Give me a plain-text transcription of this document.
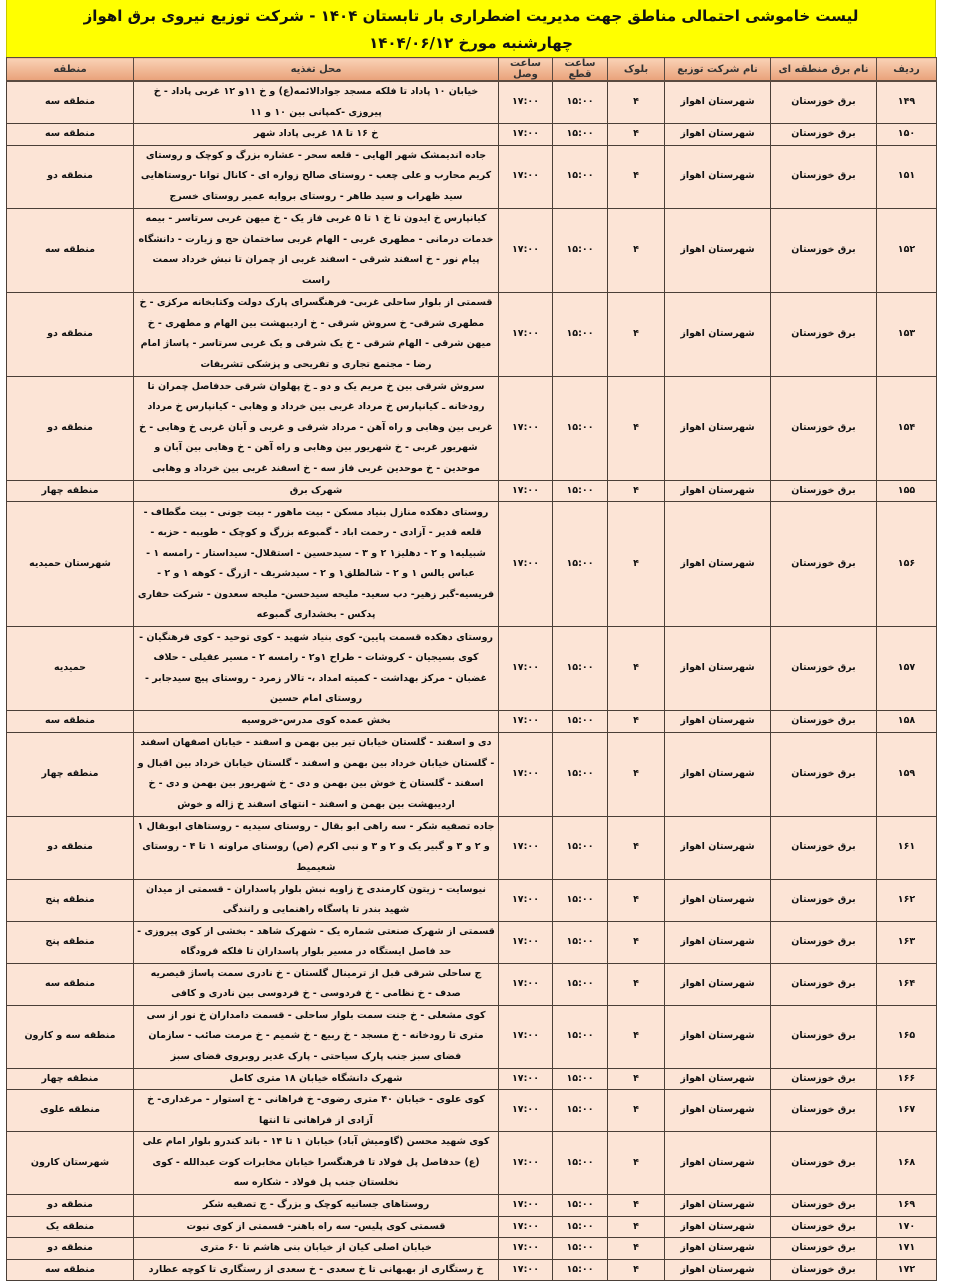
لیست خاموشی احتمالی مناطق جهت مدیریت اضطراری بار تابستان ۱۴۰۴ - شرکت توزیع نیروی برق اهواز
چهارشنبه مورخ ۱۴۰۴/۰۶/۱۲
ردیف	نام برق منطقه ای	نام شرکت توزیع	بلوک	ساعت قطع	ساعت وصل	محل تغذیه	منطقه
۱۴۹	برق خوزستان	شهرستان اهواز	۴	۱۵:۰۰	۱۷:۰۰	خیابان ۱۰ پاداد تا فلکه مسجد جوادالائمه(ع) و خ ۱۱و ۱۲ غربی پاداد - خ پیروزی -کمپانی بین ۱۰ و ۱۱	منطقه سه
۱۵۰	برق خوزستان	شهرستان اهواز	۴	۱۵:۰۰	۱۷:۰۰	خ ۱۶ تا ۱۸ غربی پاداد شهر	منطقه سه
۱۵۱	برق خوزستان	شهرستان اهواز	۴	۱۵:۰۰	۱۷:۰۰	جاده اندیمشک شهر الهایی - قلعه سحر - عشاره بزرگ و کوچک و روستای کریم محارب و علی چعب - روستای صالح زواره ای - کانال توانا -روستاهایی سید ظهراب و سید طاهر - روستای بروایه عمیر روستای خسرج	منطقه دو
۱۵۲	برق خوزستان	شهرستان اهواز	۴	۱۵:۰۰	۱۷:۰۰	کیانپارس خ ایدون تا خ ۱ تا ۵ غربی فاز یک - خ میهن غربی سرتاسر - بیمه خدمات درمانی - مطهری غربی - الهام غربی ساختمان حج و زیارت - دانشگاه پیام نور - خ اسفند شرقی - اسفند غربی از چمران تا نبش خرداد سمت راست	منطقه سه
۱۵۳	برق خوزستان	شهرستان اهواز	۴	۱۵:۰۰	۱۷:۰۰	قسمتی از بلوار ساحلی غربی- فرهنگسرای پارک دولت وکتابخانه مرکزی - خ مطهری شرقی- خ سروش شرقی - خ اردیبهشت بین الهام و مطهری - خ میهن شرقی - الهام شرقی - خ یک شرقی و یک غربی سرتاسر - پاساژ امام رضا - مجتمع تجاری و تفریحی و پزشکی تشریفات	منطقه دو
۱۵۴	برق خوزستان	شهرستان اهواز	۴	۱۵:۰۰	۱۷:۰۰	سروش شرقی بین خ مریم یک و دو ـ خ پهلوان شرقی حدفاصل چمران تا رودخانه ـ کیانپارس خ مرداد غربی بین خرداد و وهابی - کیانپارس خ مرداد غربی بین وهابی و راه آهن - مرداد شرقی و غربی و آبان غربی خ وهابی - خ شهریور غربی - خ شهریور بین وهابی و راه آهن - خ وهابی بین آبان و موحدین - خ موحدین غربی فاز سه - خ اسفند غربی بین خرداد و وهابی	منطقه دو
۱۵۵	برق خوزستان	شهرستان اهواز	۴	۱۵:۰۰	۱۷:۰۰	شهرک برق	منطقه چهار
۱۵۶	برق خوزستان	شهرستان اهواز	۴	۱۵:۰۰	۱۷:۰۰	روستای دهکده منازل بنیاد مسکن - بیت ماهور - بیت جونی - بیت مگطاف - قلعه قدیر - آزادی - رحمت اباد - گمبوعه بزرگ و کوچک - طویبه - حزبه - شبیلیه۱ و ۲ - دهلیز۱ ۲ و ۳ - سیدحسین - استقلال- سیداستار - رامسه ۱ - عباس یالس ۱ و ۲ - شالطلق۱ و ۲ - سیدشریف - ازرگ - کوهه ۱ و ۲ - فریسیه-گبر زهیر- دب سعید- ملیحه سیدحسن- ملیحه سعدون - شرکت حفاری پدکس - بخشداری گمبوعه	شهرستان حمیدیه
۱۵۷	برق خوزستان	شهرستان اهواز	۴	۱۵:۰۰	۱۷:۰۰	روستای دهکده قسمت پایین- کوی بنیاد شهید - کوی توحید - کوی فرهنگیان - کوی بسیجیان - کروشات - طراح ۱و۲ - رامسه ۲ - مسیر عقیلی - حلاف غضبان - مرکز بهداشت - کمیته امداد ،- تالار زمرد - روستای پیچ سیدجابر - روستای امام حسین	حمیدیه
۱۵۸	برق خوزستان	شهرستان اهواز	۴	۱۵:۰۰	۱۷:۰۰	بخش عمده کوی مدرس-خروسیه	منطقه سه
۱۵۹	برق خوزستان	شهرستان اهواز	۴	۱۵:۰۰	۱۷:۰۰	دی و اسفند - گلستان خیابان تیر بین بهمن و اسفند - خیابان اصفهان اسفند - گلستان خیابان خرداد بین بهمن و اسفند - گلستان خیابان خرداد بین اقبال و اسفند - گلستان خ خوش بین بهمن و دی - خ شهریور بین بهمن و دی - خ اردیبهشت بین بهمن و اسفند - انتهای اسفند خ ژاله و خوش	منطقه چهار
۱۶۱	برق خوزستان	شهرستان اهواز	۴	۱۵:۰۰	۱۷:۰۰	جاده تصفیه شکر - سه راهی ابو بقال - روستای سیدیه - روستاهای ابوبقال ۱ و ۲ و ۳ و گبیر یک و ۲ و ۳ و نبی اکرم (ص) روستای مراونه ۱ تا ۴ - روستای شعیمیط	منطقه دو
۱۶۲	برق خوزستان	شهرستان اهواز	۴	۱۵:۰۰	۱۷:۰۰	نیوسایت - زیتون کارمندی خ زاویه نبش بلوار پاسداران - قسمتی از میدان شهید بندر تا پاسگاه راهنمایی و رانندگی	منطقه پنج
۱۶۳	برق خوزستان	شهرستان اهواز	۴	۱۵:۰۰	۱۷:۰۰	قسمتی از شهرک صنعتی شماره یک - شهرک شاهد - بخشی از کوی پیروزی - حد فاصل ایستگاه در مسیر بلوار پاسداران تا فلکه فرودگاه	منطقه پنج
۱۶۴	برق خوزستان	شهرستان اهواز	۴	۱۵:۰۰	۱۷:۰۰	ج ساحلی شرقی قبل از ترمینال گلستان - خ نادری سمت پاساژ قیصریه صدف - خ نظامی - خ فردوسی - خ فردوسی بین نادری و کافی	منطقه سه
۱۶۵	برق خوزستان	شهرستان اهواز	۴	۱۵:۰۰	۱۷:۰۰	کوی مشعلی - خ جنت سمت بلوار ساحلی - قسمت دامداران خ نور از سی متری تا رودخانه - خ مسجد - خ ربیع - خ شمیم - خ مرمت صائب - سازمان فضای سبز جنب پارک سیاحتی - پارک غدیر روبروی فضای سبز	منطقه سه و کارون
۱۶۶	برق خوزستان	شهرستان اهواز	۴	۱۵:۰۰	۱۷:۰۰	شهرک دانشگاه خیابان ۱۸ متری کامل	منطقه چهار
۱۶۷	برق خوزستان	شهرستان اهواز	۴	۱۵:۰۰	۱۷:۰۰	کوی علوی - خیابان ۴۰ متری رضوی- خ فراهانی - خ استوار - مرغداری- خ آزادی از فراهانی تا انتها	منطقه علوی
۱۶۸	برق خوزستان	شهرستان اهواز	۴	۱۵:۰۰	۱۷:۰۰	کوی شهید محسن (گاومیش آباد) خیابان ۱ تا ۱۴ - باند کندرو بلوار امام علی (ع) حدفاصل پل فولاد تا فرهنگسرا خیابان مخابرات کوت عبدالله - کوی نخلستان جنب پل فولاد - شکاره سه	شهرستان کارون
۱۶۹	برق خوزستان	شهرستان اهواز	۴	۱۵:۰۰	۱۷:۰۰	روستاهای جسانیه کوچک و بزرگ - ج تصفیه شکر	منطقه دو
۱۷۰	برق خوزستان	شهرستان اهواز	۴	۱۵:۰۰	۱۷:۰۰	قسمتی کوی پلیس- سه راه باهنر- قسمتی از کوی نبوت	منطقه یک
۱۷۱	برق خوزستان	شهرستان اهواز	۴	۱۵:۰۰	۱۷:۰۰	خیابان اصلی کیان از خیابان بنی هاشم تا ۶۰ متری	منطقه دو
۱۷۲	برق خوزستان	شهرستان اهواز	۴	۱۵:۰۰	۱۷:۰۰	خ رستگاری از بهبهانی تا خ سعدی - خ سعدی از رستگاری تا کوچه عطارد	منطقه سه
